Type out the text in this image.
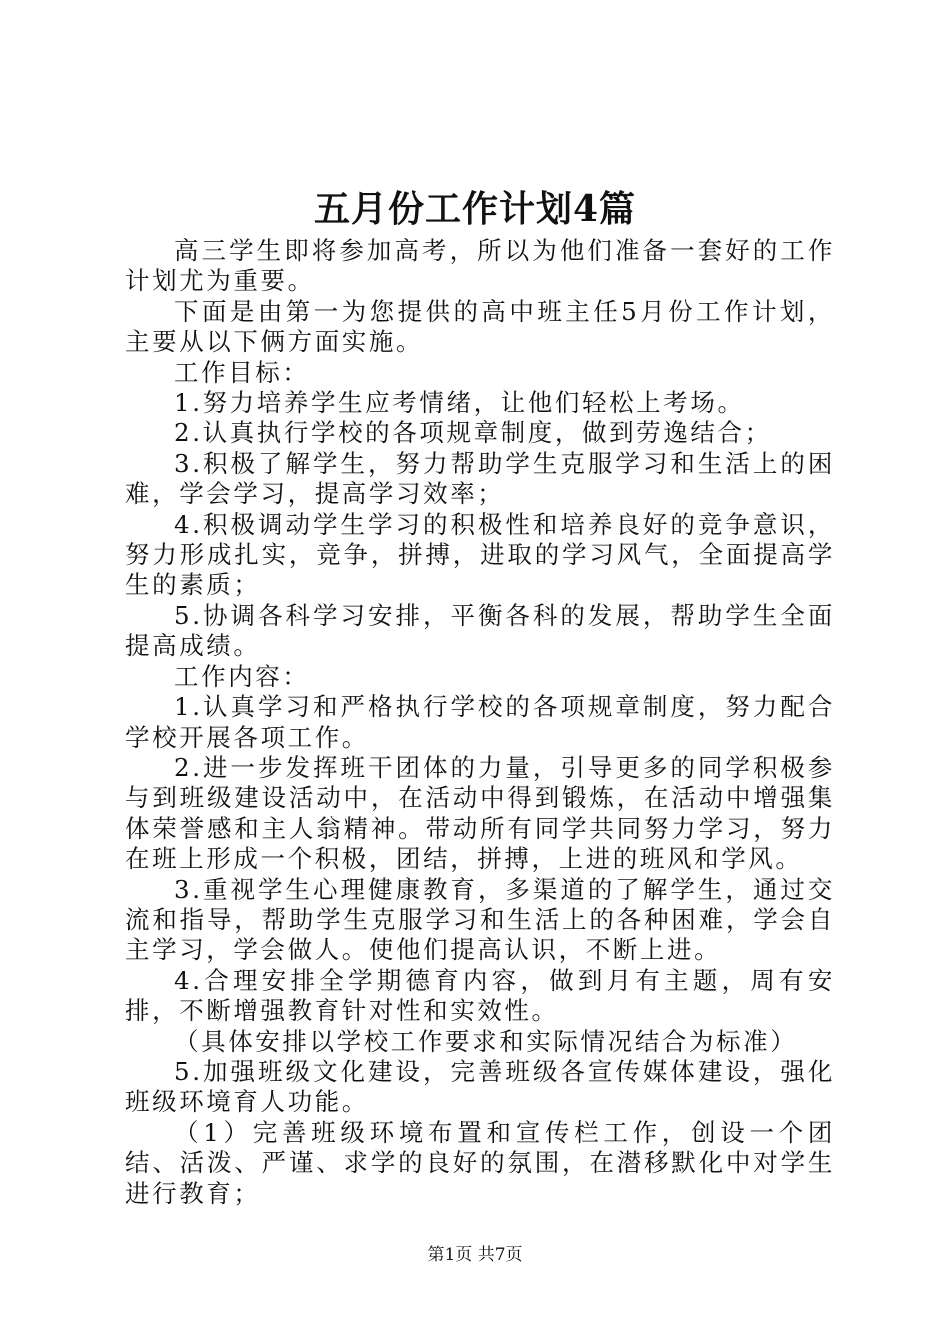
五月份工作计划4篇

高三学生即将参加高考，所以为他们准备一套好的工作计划尤为重要。

下面是由第一为您提供的高中班主任5月份工作计划，主要从以下俩方面实施。

工作目标：

1.努力培养学生应考情绪，让他们轻松上考场。

2.认真执行学校的各项规章制度，做到劳逸结合；

3.积极了解学生，努力帮助学生克服学习和生活上的困难，学会学习，提高学习效率；

4.积极调动学生学习的积极性和培养良好的竞争意识，努力形成扎实，竞争，拼搏，进取的学习风气，全面提高学生的素质；

5.协调各科学习安排，平衡各科的发展，帮助学生全面提高成绩。

工作内容：

1.认真学习和严格执行学校的各项规章制度，努力配合学校开展各项工作。

2.进一步发挥班干团体的力量，引导更多的同学积极参与到班级建设活动中，在活动中得到锻炼，在活动中增强集体荣誉感和主人翁精神。带动所有同学共同努力学习，努力在班上形成一个积极，团结，拼搏，上进的班风和学风。

3.重视学生心理健康教育，多渠道的了解学生，通过交流和指导，帮助学生克服学习和生活上的各种困难，学会自主学习，学会做人。使他们提高认识，不断上进。

4.合理安排全学期德育内容，做到月有主题，周有安排，不断增强教育针对性和实效性。

（具体安排以学校工作要求和实际情况结合为标准）

5.加强班级文化建设，完善班级各宣传媒体建设，强化班级环境育人功能。

（1）完善班级环境布置和宣传栏工作，创设一个团结、活泼、严谨、求学的良好的氛围，在潜移默化中对学生进行教育；

第1页 共7页
